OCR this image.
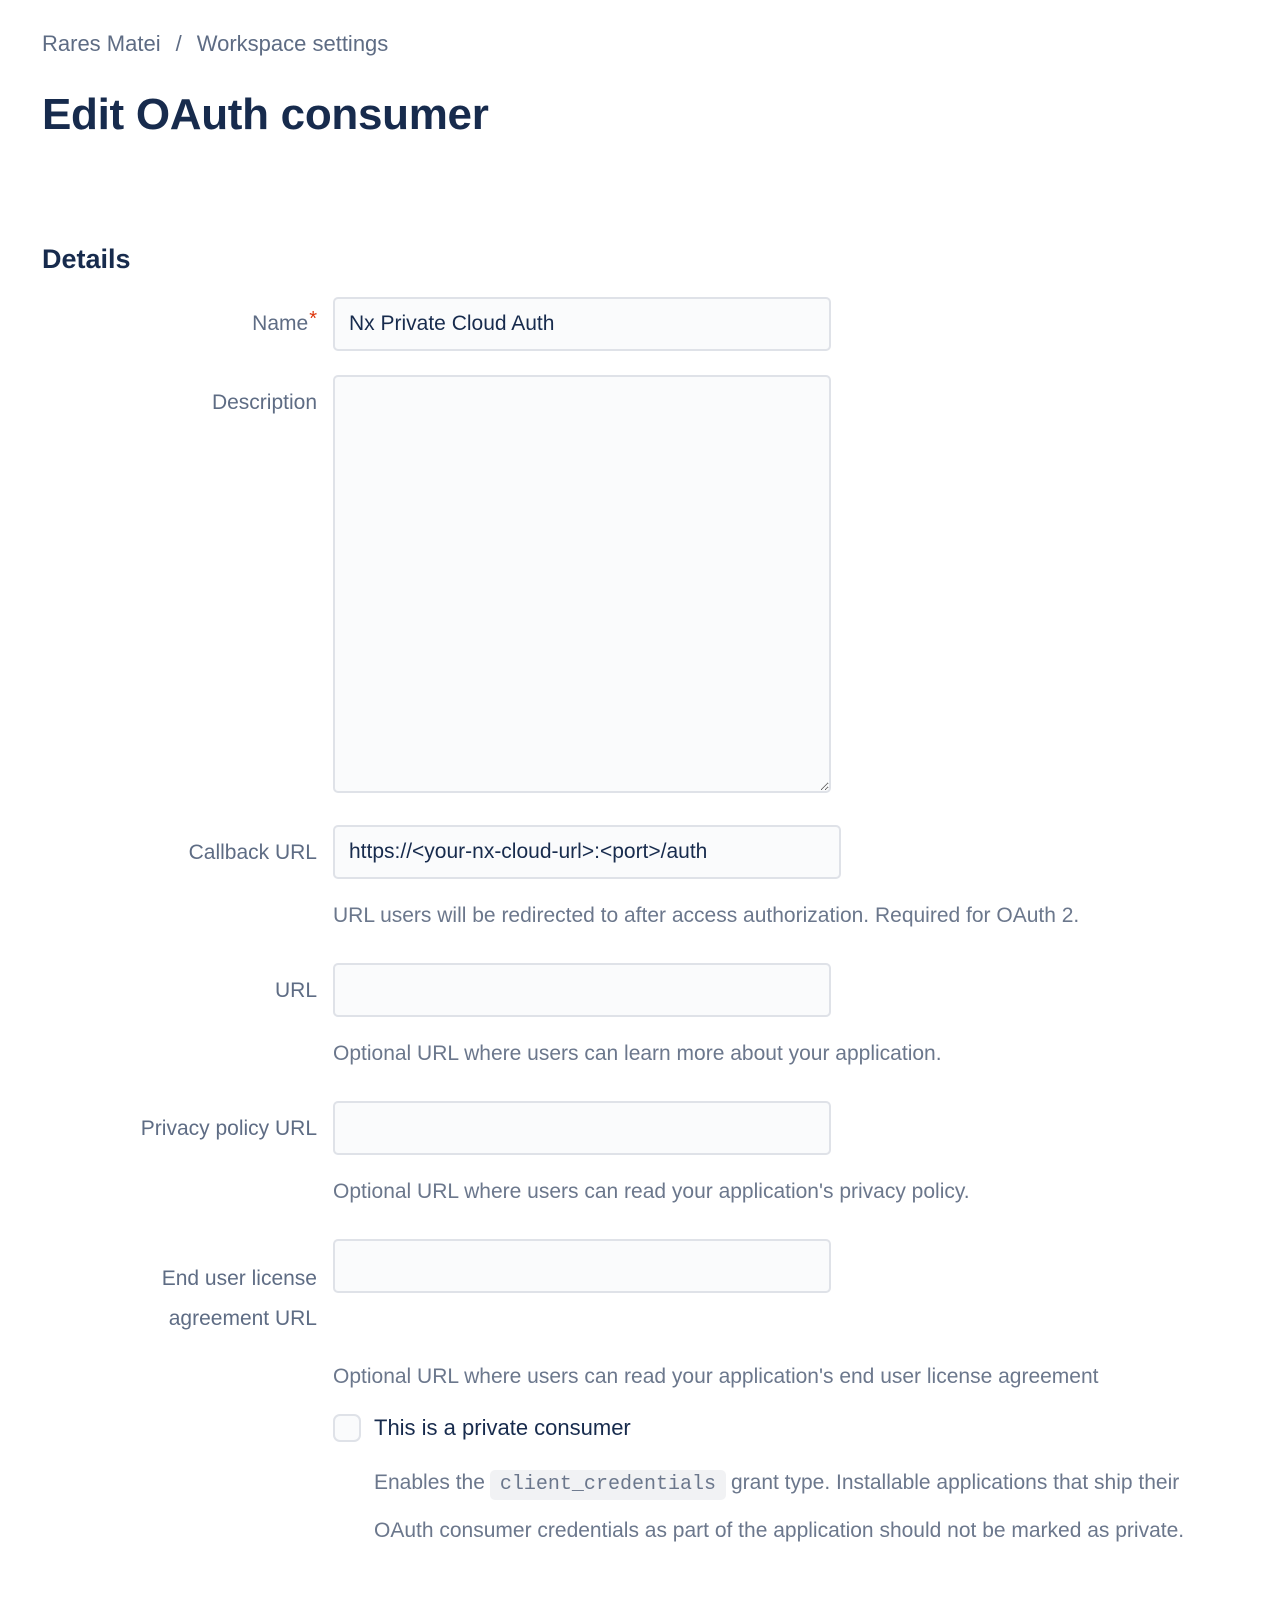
Rares Matei / Workspace settings
Edit OAuth consumer
Details
Name*
Nx Private Cloud Auth
Description
Callback URL
https://<your-nx-cloud-url>:<port>/auth
URL users will be redirected to after access authorization. Required for OAuth 2.
URL
Optional URL where users can learn more about your application.
Privacy policy URL
Optional URL where users can read your application's privacy policy.
End user license agreement URL
Optional URL where users can read your application's end user license agreement
This is a private consumer

Enables the client_credentials grant type. Installable applications that ship their OAuth consumer credentials as part of the application should not be marked as private.
